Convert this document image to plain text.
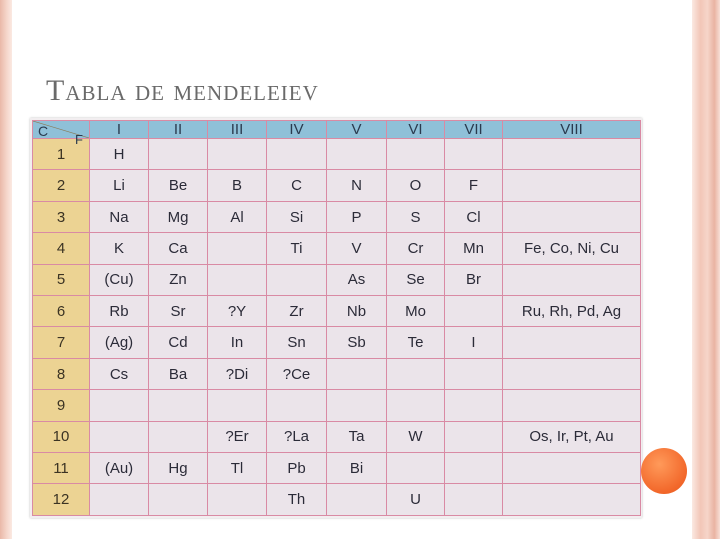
Tabla de mendeleiev
C
F	I	II	III	IV	V	VI	VII	VIII
1	H							
2	Li	Be	B	C	N	O	F	
3	Na	Mg	Al	Si	P	S	Cl	
4	K	Ca		Ti	V	Cr	Mn	Fe, Co, Ni, Cu
5	(Cu)	Zn			As	Se	Br	
6	Rb	Sr	?Y	Zr	Nb	Mo		Ru, Rh, Pd, Ag
7	(Ag)	Cd	In	Sn	Sb	Te	I	
8	Cs	Ba	?Di	?Ce				
9								
10			?Er	?La	Ta	W		Os, Ir, Pt, Au
11	(Au)	Hg	Tl	Pb	Bi			
12				Th		U		
